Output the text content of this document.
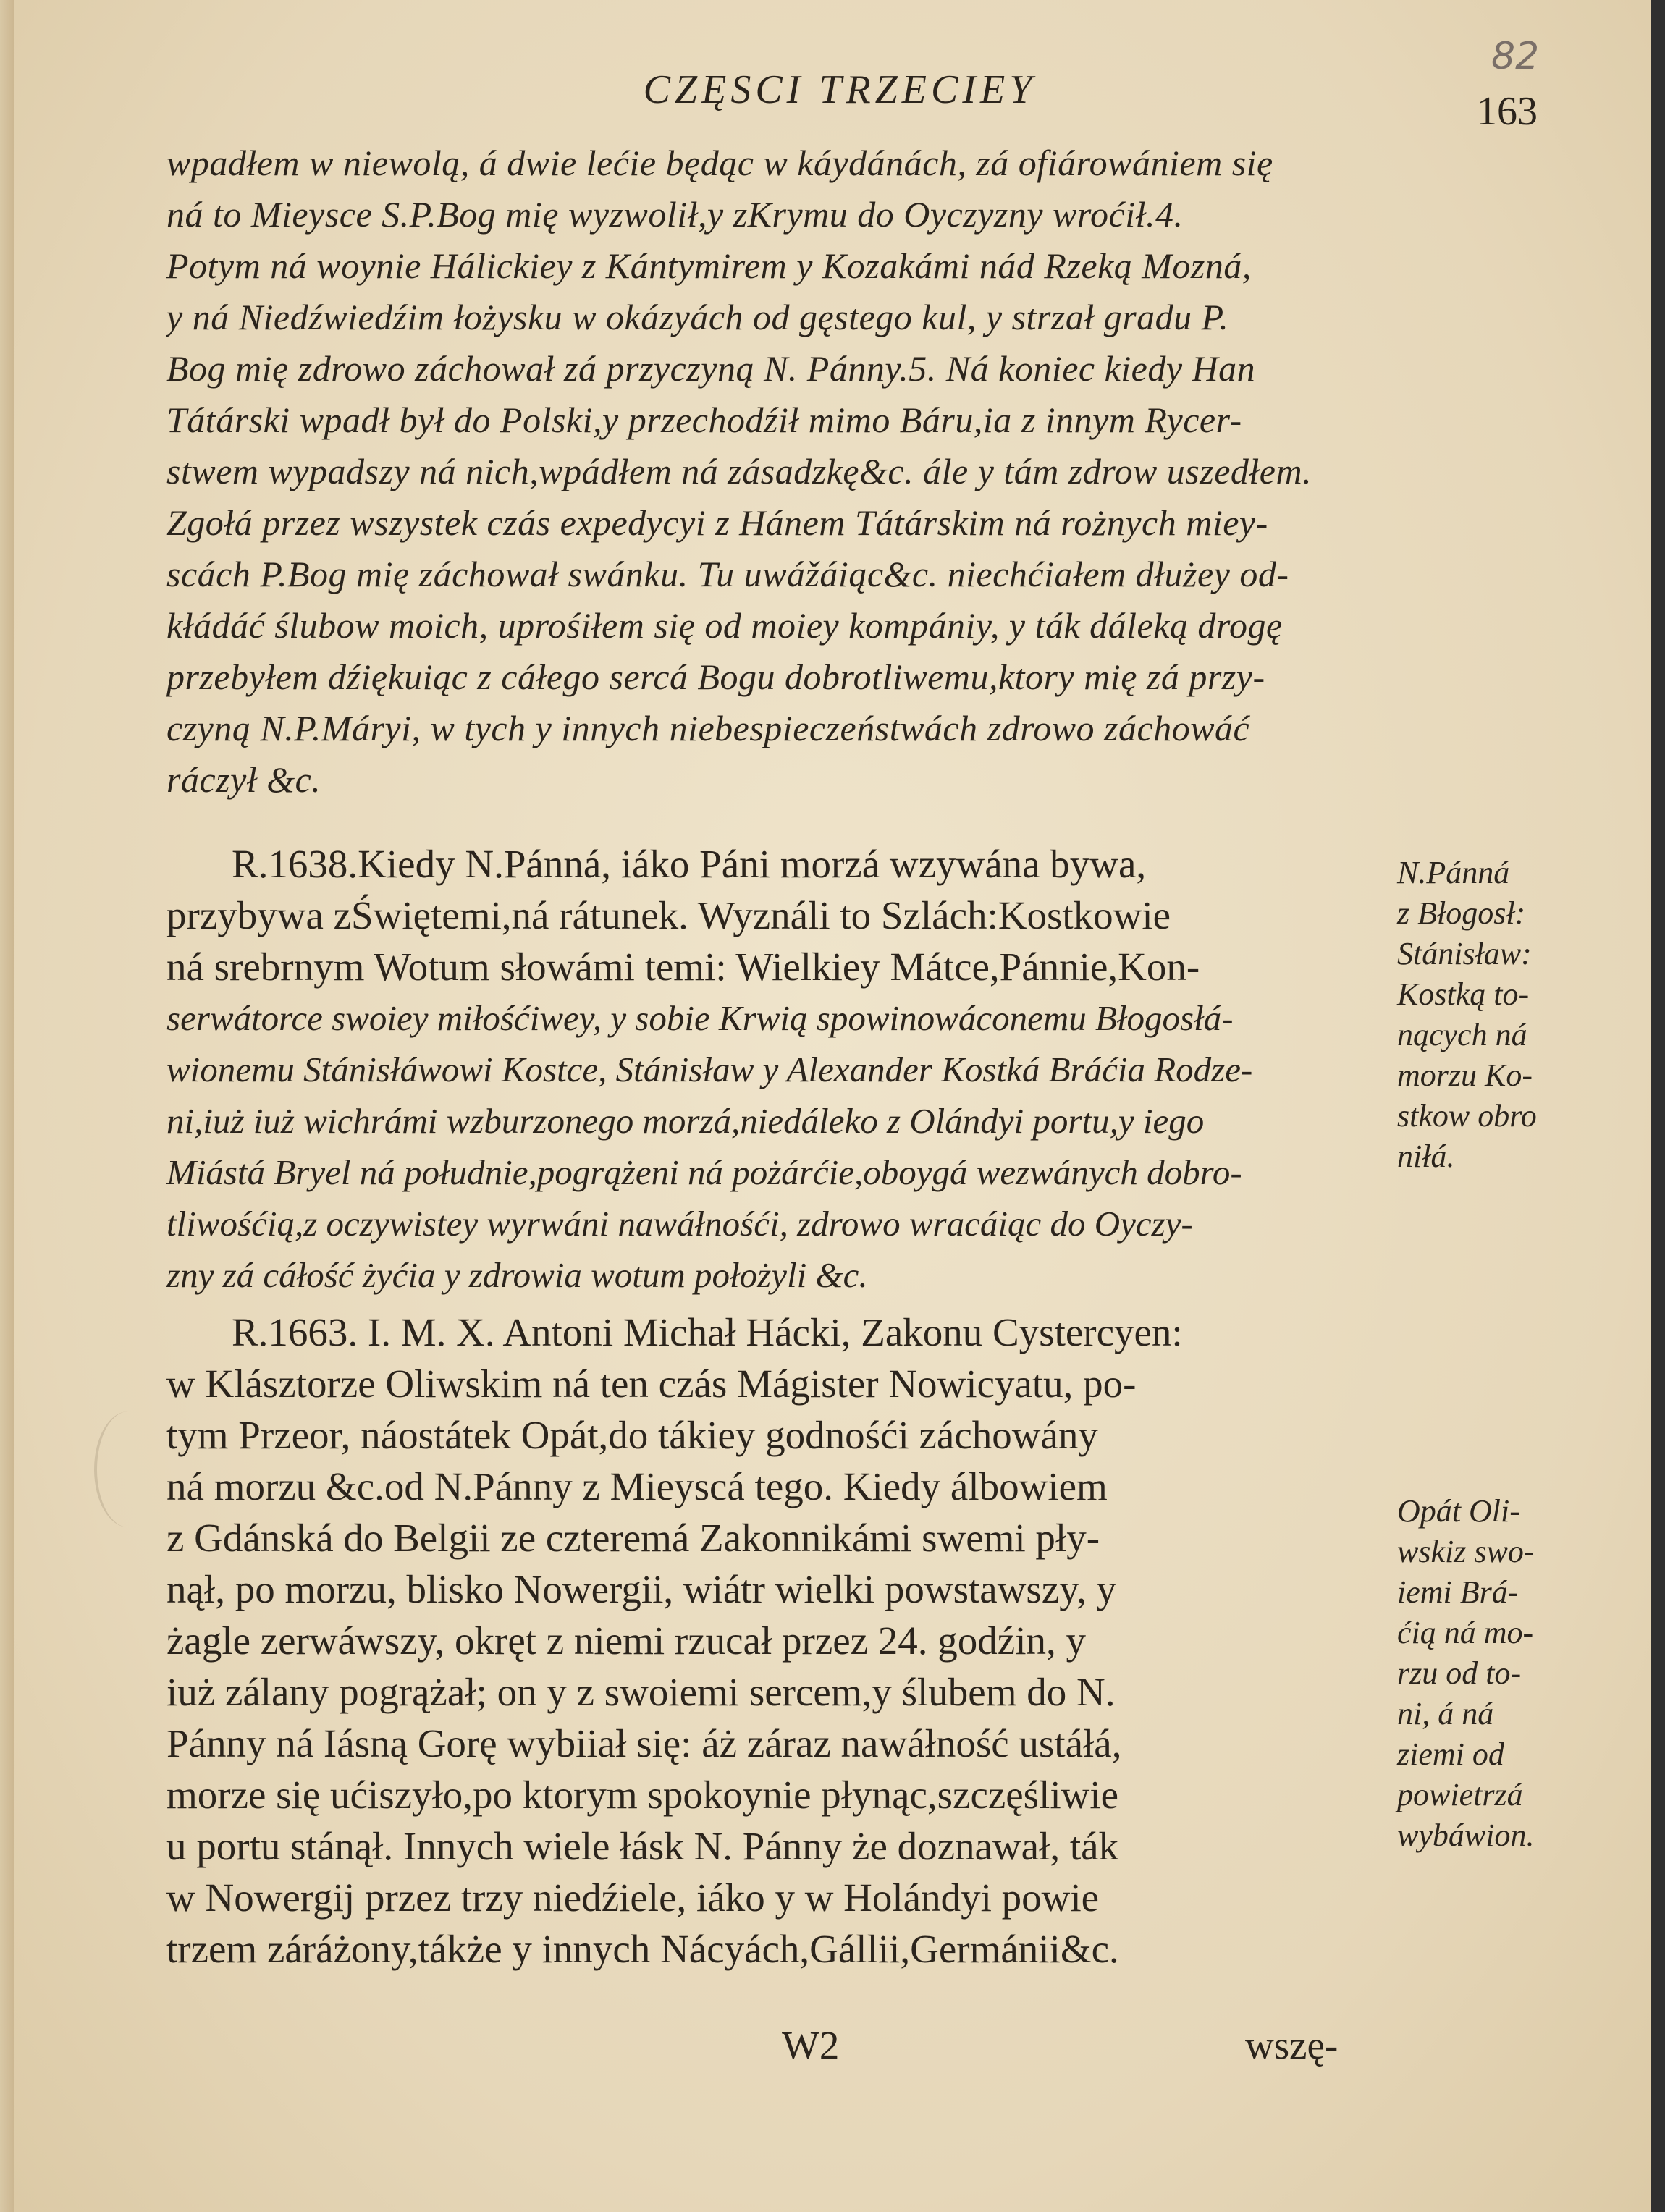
82
CZĘSCI TRZECIEY	163
wpadłem w niewolą, á dwie lećie będąc w káydánách, zá ofiárowániem się
ná to Mieysce S.P.Bog mię wyzwolił,y zKrymu do Oyczyzny wroćił.4.
Potym ná woynie Hálickiey z Kántymirem y Kozakámi nád Rzeką Mozná,
y ná Niedźwiedźim łożysku w okázyách od gęstego kul, y strzał gradu P.
Bog mię zdrowo záchował zá przyczyną N. Pánny.5. Ná koniec kiedy Han
Tátárski wpadł był do Polski,y przechodźił mimo Báru,ia z innym Rycer-
stwem wypadszy ná nich,wpádłem ná zásadzkę&c. ále y tám zdrow uszedłem.
Zgołá przez wszystek czás expedycyi z Hánem Tátárskim ná rożnych miey-
scách P.Bog mię záchował swánku. Tu uwážáiąc&c. niechćiałem dłużey od-
kłádáć ślubow moich, uprośiłem się od moiey kompániy, y ták dáleką drogę
przebyłem dźiękuiąc z cáłego sercá Bogu dobrotliwemu,ktory mię zá przy-
czyną N.P.Máryi, w tych y innych niebespieczeństwách zdrowo záchowáć
ráczył &c.
R.1638.Kiedy N.Pánná, iáko Páni morzá wzywána bywa,
przybywa zŚwiętemi,ná rátunek. Wyználi to Szlách:Kostkowie
ná srebrnym Wotum słowámi temi: Wielkiey Mátce,Pánnie,Kon-
serwátorce swoiey miłośćiwey, y sobie Krwią spowinowáconemu Błogosłá-
wionemu Stánisłáwowi Kostce, Stánisław y Alexander Kostká Bráćia Rodze-
ni,iuż iuż wichrámi wzburzonego morzá,niedáleko z Olándyi portu,y iego
Miástá Bryel ná południe,pogrążeni ná pożárćie,oboygá wezwánych dobro-
tliwośćią,z oczywistey wyrwáni nawáłnośći, zdrowo wracáiąc do Oyczy-
zny zá cáłość żyćia y zdrowia wotum położyli &c.
N.Pánná
z Błogosł:
Stánisław:
Kostką to-
nących ná
morzu Ko-
stkow obro
niłá.
R.1663. I. M. X. Antoni Michał Hácki, Zakonu Cystercyen:
w Klásztorze Oliwskim ná ten czás Mágister Nowicyatu, po-
tym Przeor, náostátek Opát,do tákiey godnośći záchowány
ná morzu &c.od N.Pánny z Mieyscá tego. Kiedy álbowiem
z Gdánská do Belgii ze czteremá Zakonnikámi swemi pły-
nął, po morzu, blisko Nowergii, wiátr wielki powstawszy, y
żagle zerwáwszy, okręt z niemi rzucał przez 24. godźin, y
iuż zálany pogrążał; on y z swoiemi sercem,y ślubem do N.
Pánny ná Iásną Gorę wybiiał się: áż záraz nawáłność ustáłá,
morze się ućiszyło,po ktorym spokoynie płynąc,szczęśliwie
u portu stánął. Innych wiele łásk N. Pánny że doznawał, ták
w Nowergij przez trzy niedźiele, iáko y w Holándyi powie
trzem záráżony,tákże y innych Nácyách,Gállii,Germánii&c.
Opát Oli-
wskiz swo-
iemi Brá-
ćią ná mo-
rzu od to-
ni, á ná
ziemi od
powietrzá
wybáwion.
W2	wszę-
